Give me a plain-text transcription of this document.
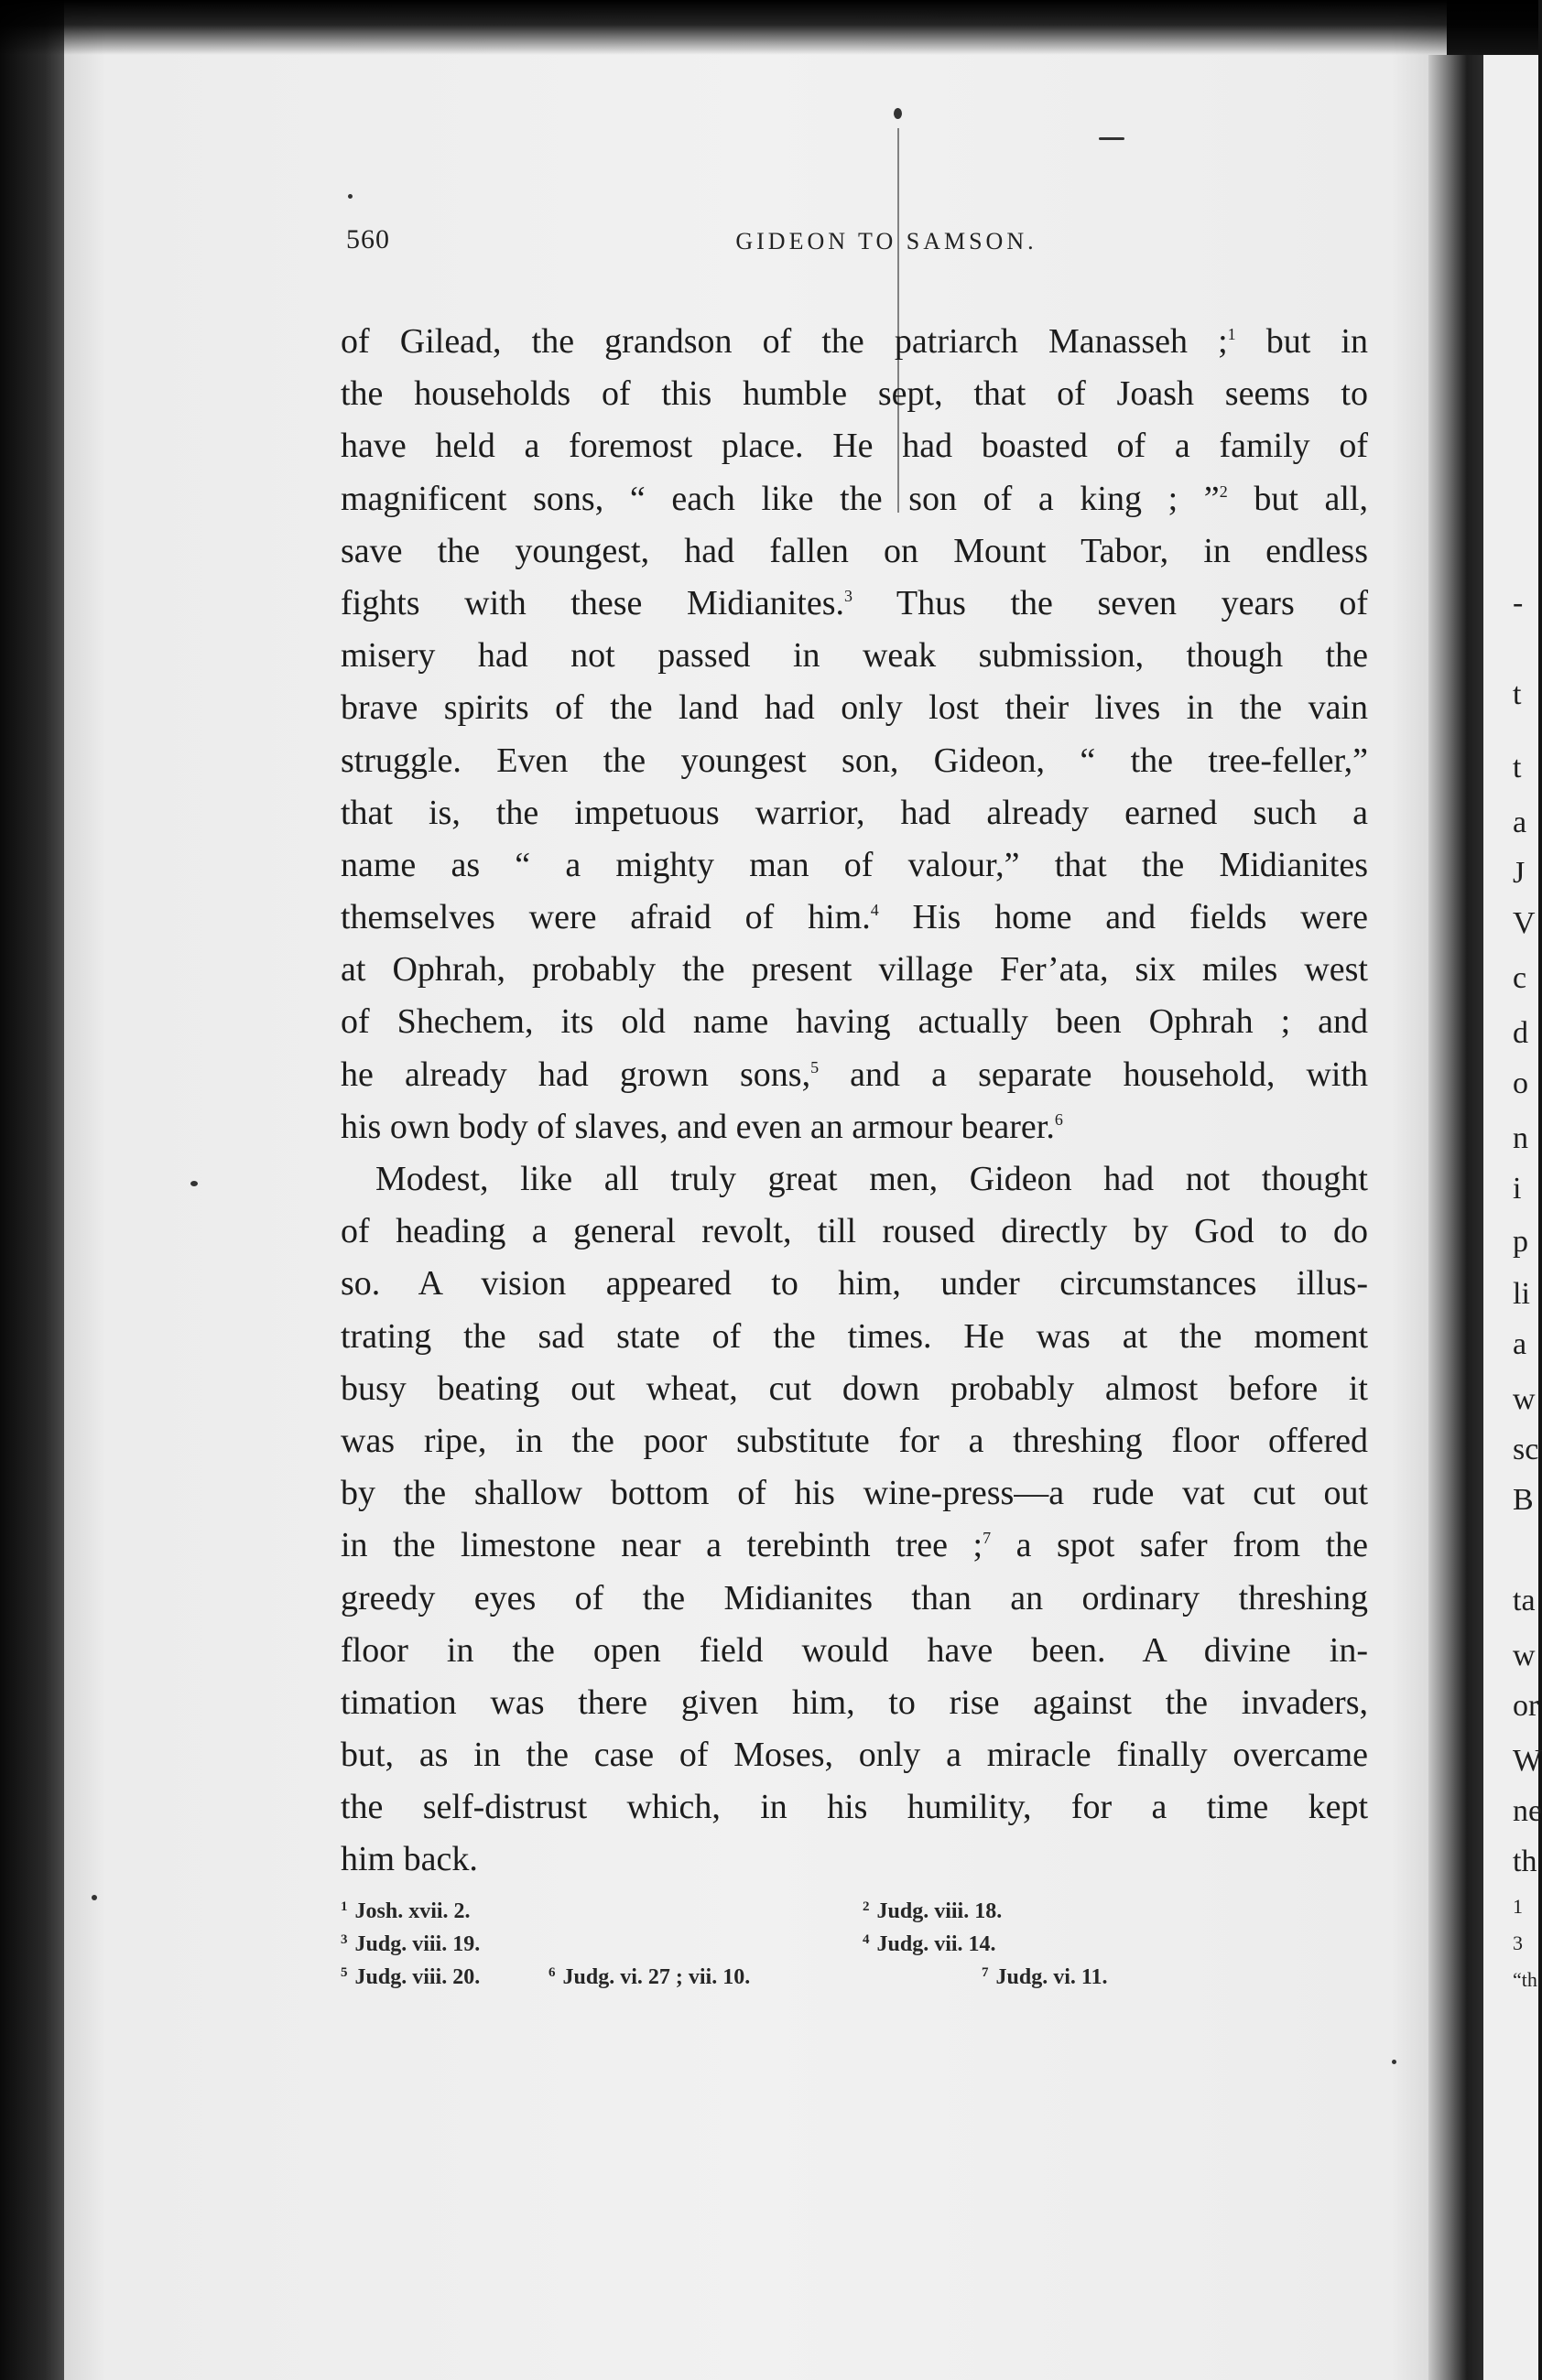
560	GIDEON TO SAMSON.
of Gilead, the grandson of the patriarch Manasseh ;$^1$ but in
the households of this humble sept, that of Joash seems to
have held a foremost place. He had boasted of a family of
magnificent sons, “ each like the son of a king ; ”$^2$ but all,
save the youngest, had fallen on Mount Tabor, in endless
fights with these Midianites.$^3$ Thus the seven years of
misery had not passed in weak submission, though the
brave spirits of the land had only lost their lives in the vain
struggle. Even the youngest son, Gideon, “ the tree-feller,”
that is, the impetuous warrior, had already earned such a
name as “ a mighty man of valour,” that the Midianites
themselves were afraid of him.$^4$ His home and fields were
at Ophrah, probably the present village Fer’ata, six miles west
of Shechem, its old name having actually been Ophrah ; and
he already had grown sons,$^5$ and a separate household, with
his own body of slaves, and even an armour bearer.$^6$
Modest, like all truly great men, Gideon had not thought
of heading a general revolt, till roused directly by God to do
so. A vision appeared to him, under circumstances illus-
trating the sad state of the times. He was at the moment
busy beating out wheat, cut down probably almost before it
was ripe, in the poor substitute for a threshing floor offered
by the shallow bottom of his wine-press—a rude vat cut out
in the limestone near a terebinth tree ;$^7$ a spot safer from the
greedy eyes of the Midianites than an ordinary threshing
floor in the open field would have been. A divine in-
timation was there given him, to rise against the invaders,
but, as in the case of Moses, only a miracle finally overcame
the self-distrust which, in his humility, for a time kept
him back.
$^1$ Josh. xvii. 2.	$^2$ Judg. viii. 18.
$^3$ Judg. viii. 19.	$^4$ Judg. vii. 14.
$^5$ Judg. viii. 20.	$^6$ Judg. vi. 27 ; vii. 10.	$^7$ Judg. vi. 11.
-
t
t
a
J
V
c
d
o
n
i
p
li
a
w
sc
B
ta
w
or
W
ne
th
1
3
“th
